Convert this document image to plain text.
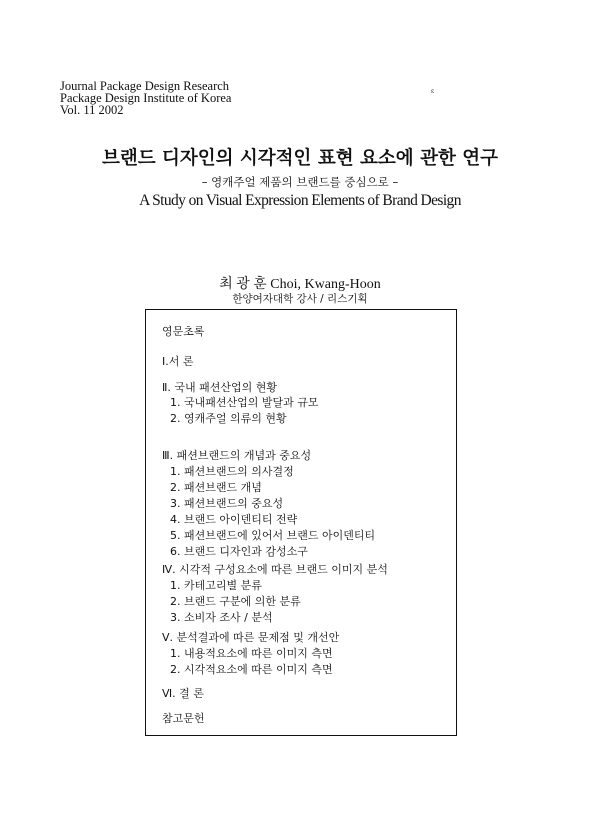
Journal Package Design Research
Package Design Institute of Korea
Vol. 11 2002
ɛ
브랜드 디자인의 시각적인 표현 요소에 관한 연구
– 영캐주얼 제품의 브랜드를 중심으로 –
A Study on Visual Expression Elements of Brand Design
최 광 훈 Choi, Kwang-Hoon
한양여자대학 강사 / 리스기획
영문초록
Ⅰ.서 론
Ⅱ. 국내 패션산업의 현황
1. 국내패션산업의 발달과 규모
2. 영캐주얼 의류의 현황
Ⅲ. 패션브랜드의 개념과 중요성
1. 패션브랜드의 의사결정
2. 패션브랜드 개념
3. 패션브랜드의 중요성
4. 브랜드 아이덴티티 전략
5. 패션브랜드에 있어서 브랜드 아이덴티티
6. 브랜드 디자인과 감성소구
Ⅳ. 시각적 구성요소에 따른 브랜드 이미지 분석
1. 카테고리별 분류
2. 브랜드 구분에 의한 분류
3. 소비자 조사 / 분석
Ⅴ. 분석결과에 따른 문제점 및 개선안
1. 내용적요소에 따른 이미지 측면
2. 시각적요소에 따른 이미지 측면
Ⅵ. 결 론
참고문헌
